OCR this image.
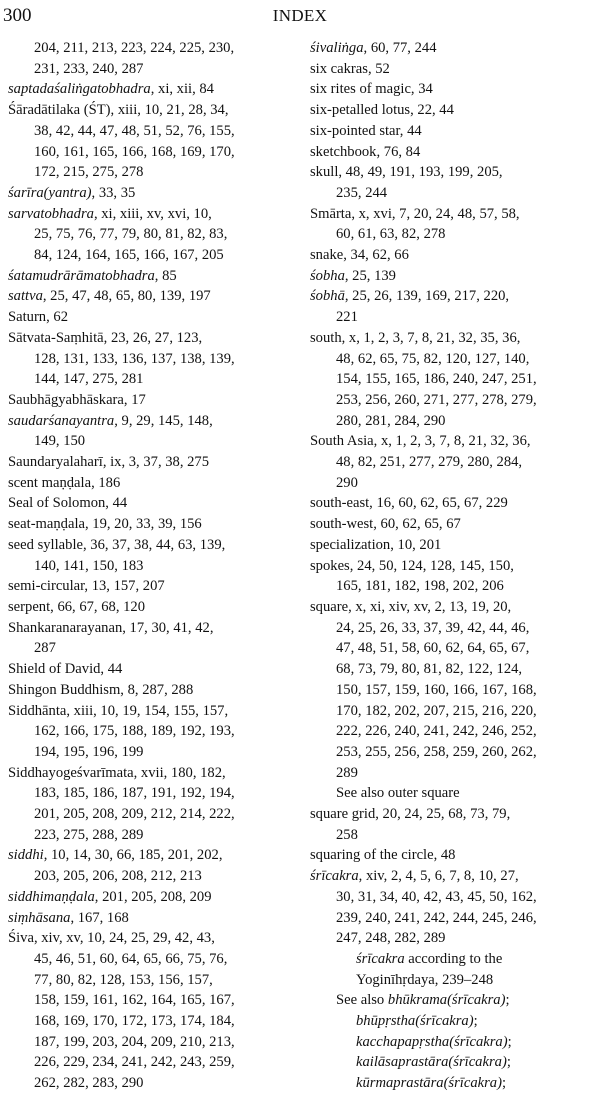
300	INDEX
204, 211, 213, 223, 224, 225, 230,
231, 233, 240, 287
saptadaśaliṅgatobhadra, xi, xii, 84
Śāradātilaka (ŚT), xiii, 10, 21, 28, 34,
38, 42, 44, 47, 48, 51, 52, 76, 155,
160, 161, 165, 166, 168, 169, 170,
172, 215, 275, 278
śarīra(yantra), 33, 35
sarvatobhadra, xi, xiii, xv, xvi, 10,
25, 75, 76, 77, 79, 80, 81, 82, 83,
84, 124, 164, 165, 166, 167, 205
śatamudrārāmatobhadra, 85
sattva, 25, 47, 48, 65, 80, 139, 197
Saturn, 62
Sātvata-Saṃhitā, 23, 26, 27, 123,
128, 131, 133, 136, 137, 138, 139,
144, 147, 275, 281
Saubhāgyabhāskara, 17
saudarśanayantra, 9, 29, 145, 148,
149, 150
Saundaryalaharī, ix, 3, 37, 38, 275
scent maṇḍala, 186
Seal of Solomon, 44
seat-maṇḍala, 19, 20, 33, 39, 156
seed syllable, 36, 37, 38, 44, 63, 139,
140, 141, 150, 183
semi-circular, 13, 157, 207
serpent, 66, 67, 68, 120
Shankaranarayanan, 17, 30, 41, 42,
287
Shield of David, 44
Shingon Buddhism, 8, 287, 288
Siddhānta, xiii, 10, 19, 154, 155, 157,
162, 166, 175, 188, 189, 192, 193,
194, 195, 196, 199
Siddhayogeśvarīmata, xvii, 180, 182,
183, 185, 186, 187, 191, 192, 194,
201, 205, 208, 209, 212, 214, 222,
223, 275, 288, 289
siddhi, 10, 14, 30, 66, 185, 201, 202,
203, 205, 206, 208, 212, 213
siddhimaṇḍala, 201, 205, 208, 209
siṃhāsana, 167, 168
Śiva, xiv, xv, 10, 24, 25, 29, 42, 43,
45, 46, 51, 60, 64, 65, 66, 75, 76,
77, 80, 82, 128, 153, 156, 157,
158, 159, 161, 162, 164, 165, 167,
168, 169, 170, 172, 173, 174, 184,
187, 199, 203, 204, 209, 210, 213,
226, 229, 234, 241, 242, 243, 259,
262, 282, 283, 290
śivaliṅga, 60, 77, 244
six cakras, 52
six rites of magic, 34
six-petalled lotus, 22, 44
six-pointed star, 44
sketchbook, 76, 84
skull, 48, 49, 191, 193, 199, 205,
235, 244
Smārta, x, xvi, 7, 20, 24, 48, 57, 58,
60, 61, 63, 82, 278
snake, 34, 62, 66
śobha, 25, 139
śobhā, 25, 26, 139, 169, 217, 220,
221
south, x, 1, 2, 3, 7, 8, 21, 32, 35, 36,
48, 62, 65, 75, 82, 120, 127, 140,
154, 155, 165, 186, 240, 247, 251,
253, 256, 260, 271, 277, 278, 279,
280, 281, 284, 290
South Asia, x, 1, 2, 3, 7, 8, 21, 32, 36,
48, 82, 251, 277, 279, 280, 284,
290
south-east, 16, 60, 62, 65, 67, 229
south-west, 60, 62, 65, 67
specialization, 10, 201
spokes, 24, 50, 124, 128, 145, 150,
165, 181, 182, 198, 202, 206
square, x, xi, xiv, xv, 2, 13, 19, 20,
24, 25, 26, 33, 37, 39, 42, 44, 46,
47, 48, 51, 58, 60, 62, 64, 65, 67,
68, 73, 79, 80, 81, 82, 122, 124,
150, 157, 159, 160, 166, 167, 168,
170, 182, 202, 207, 215, 216, 220,
222, 226, 240, 241, 242, 246, 252,
253, 255, 256, 258, 259, 260, 262,
289
See also outer square
square grid, 20, 24, 25, 68, 73, 79,
258
squaring of the circle, 48
śrīcakra, xiv, 2, 4, 5, 6, 7, 8, 10, 27,
30, 31, 34, 40, 42, 43, 45, 50, 162,
239, 240, 241, 242, 244, 245, 246,
247, 248, 282, 289
śrīcakra according to the
Yoginīhṛdaya, 239–248
See also bhūkrama(śrīcakra);
bhūpṛstha(śrīcakra);
kacchapapṛstha(śrīcakra);
kailāsaprastāra(śrīcakra);
kūrmaprastāra(śrīcakra);
